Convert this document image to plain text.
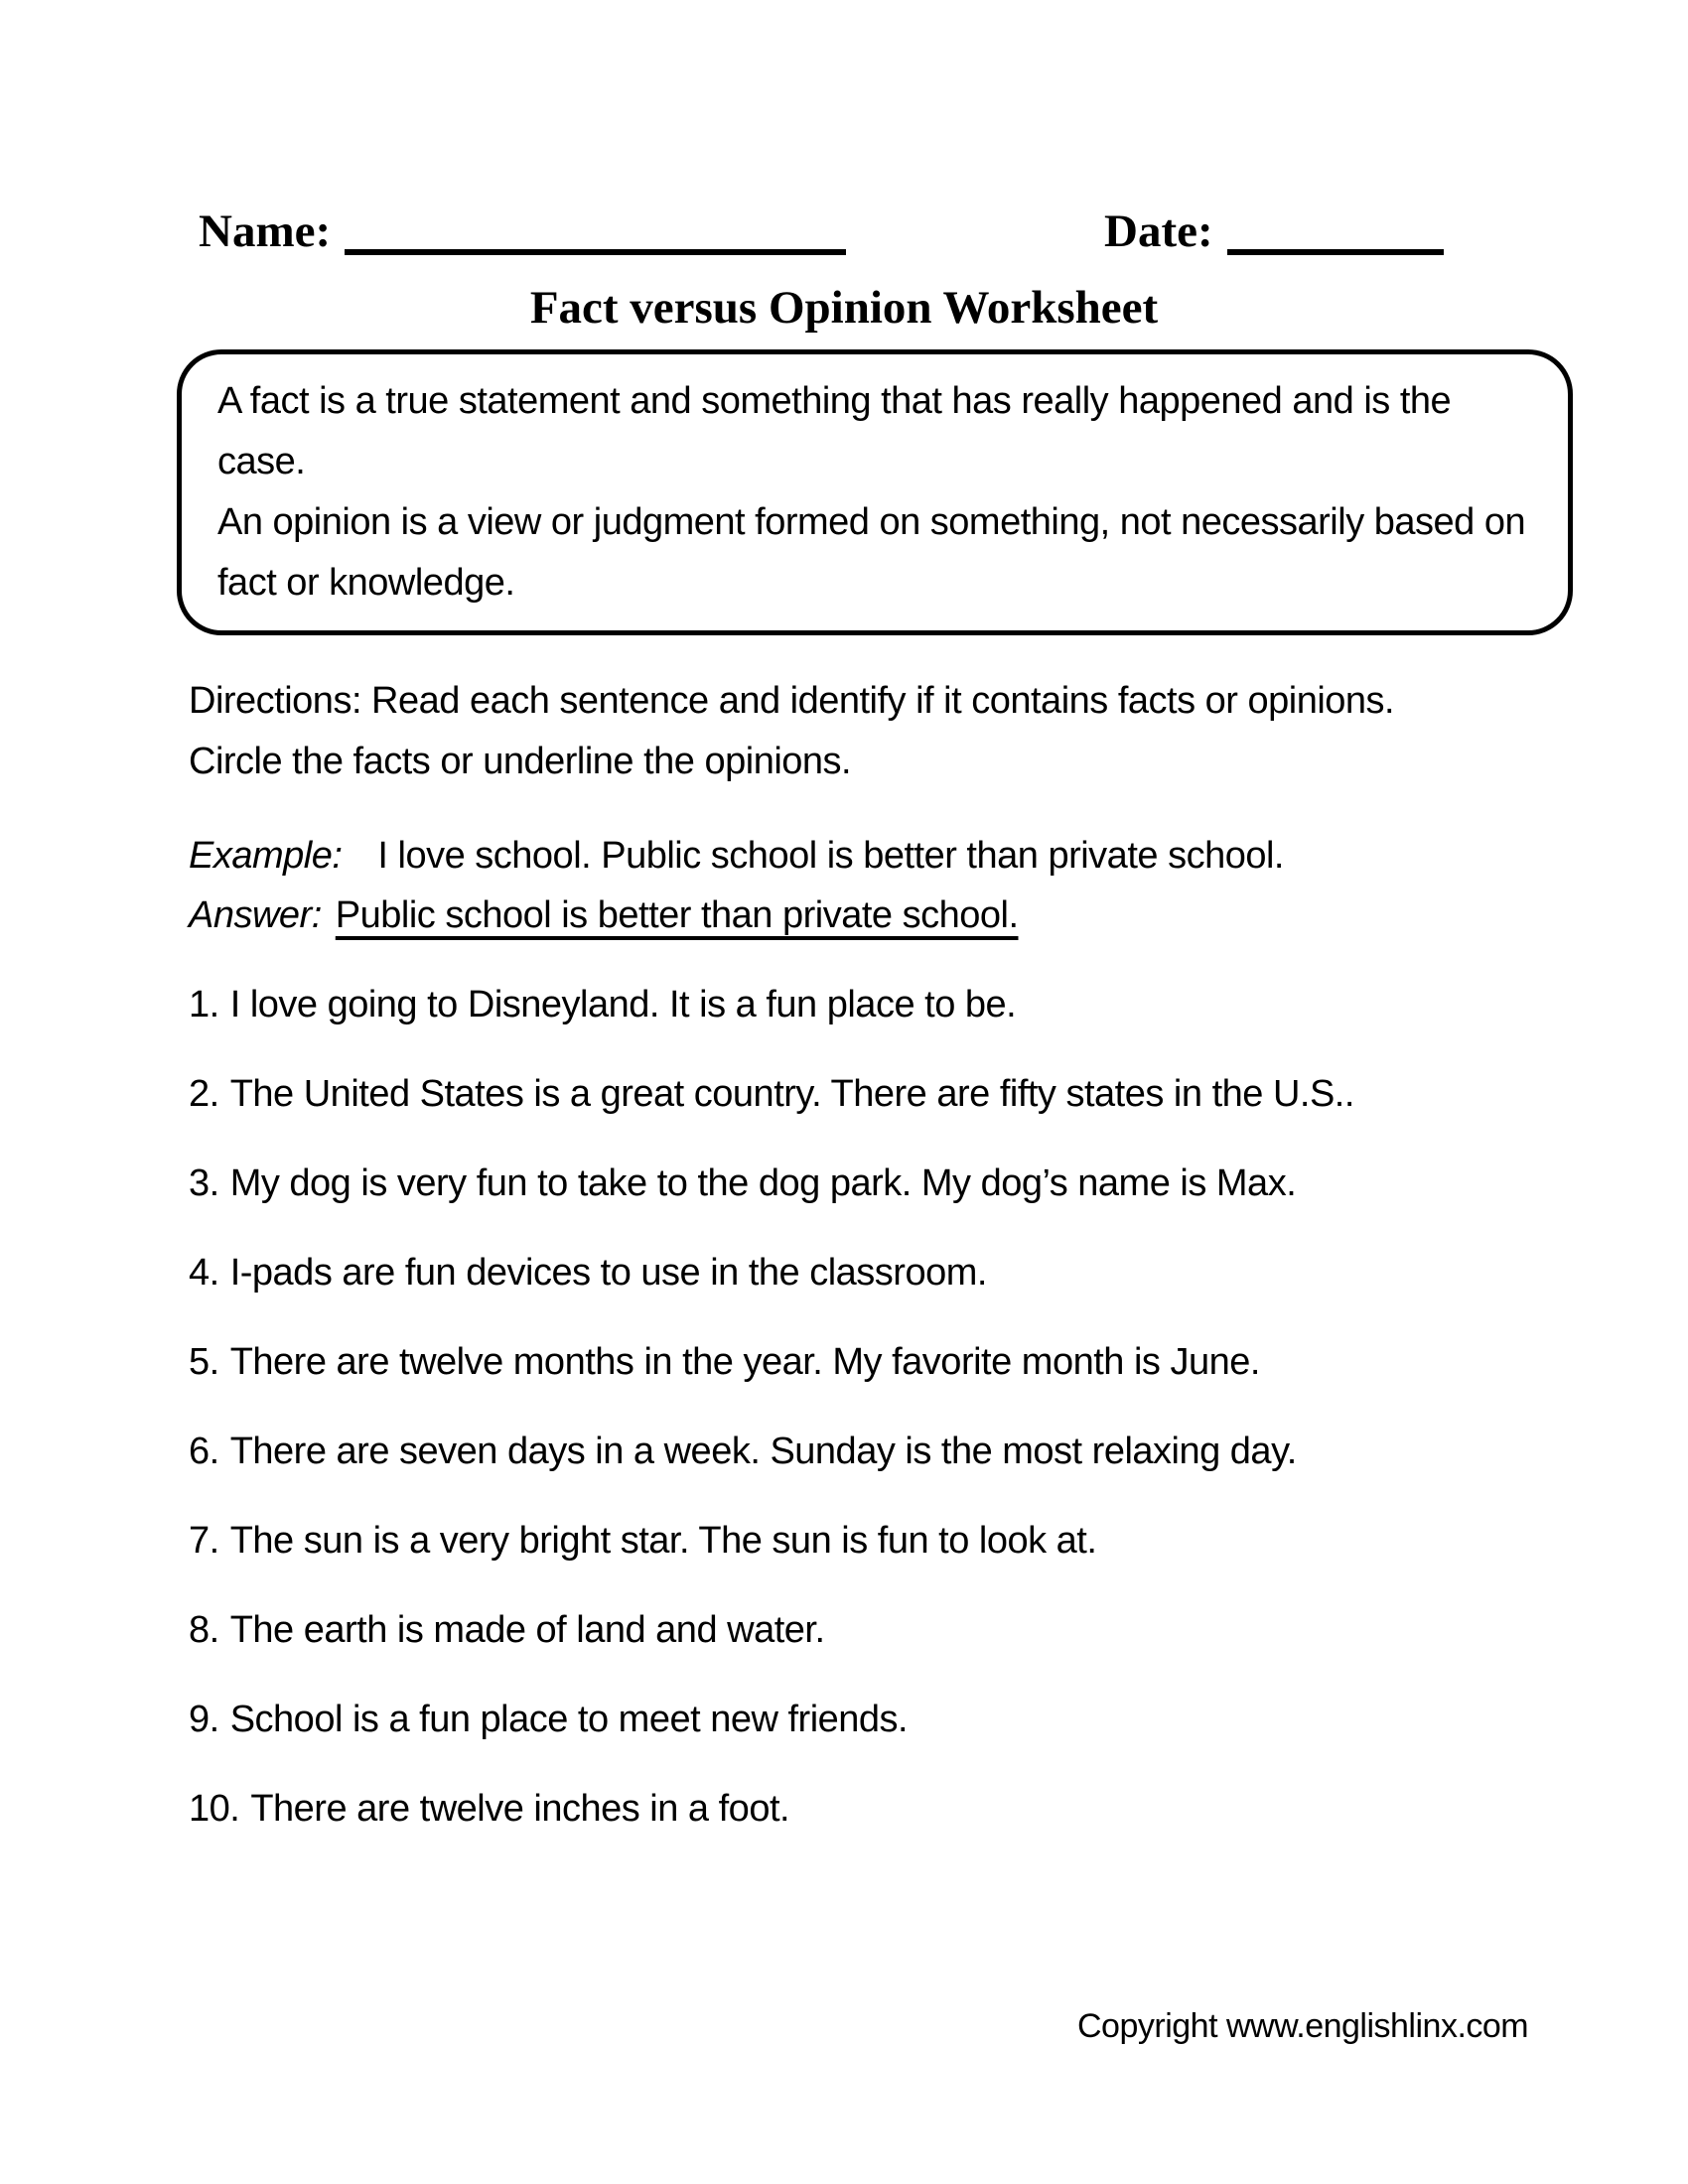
Name:	Date:
Fact versus Opinion Worksheet

A fact is a true statement and something that has really happened and is the case.

An opinion is a view or judgment formed on something, not necessarily based on fact or knowledge.

Directions: Read each sentence and identify if it contains facts or opinions. Circle the facts or underline the opinions.
Example: I love school. Public school is better than private school.
Answer: Public school is better than private school.
1. I love going to Disneyland. It is a fun place to be.
2. The United States is a great country. There are fifty states in the U.S..
3. My dog is very fun to take to the dog park. My dog’s name is Max.
4. I-pads are fun devices to use in the classroom.
5. There are twelve months in the year. My favorite month is June.
6. There are seven days in a week. Sunday is the most relaxing day.
7. The sun is a very bright star. The sun is fun to look at.
8. The earth is made of land and water.
9. School is a fun place to meet new friends.
10. There are twelve inches in a foot.
Copyright www.englishlinx.com
